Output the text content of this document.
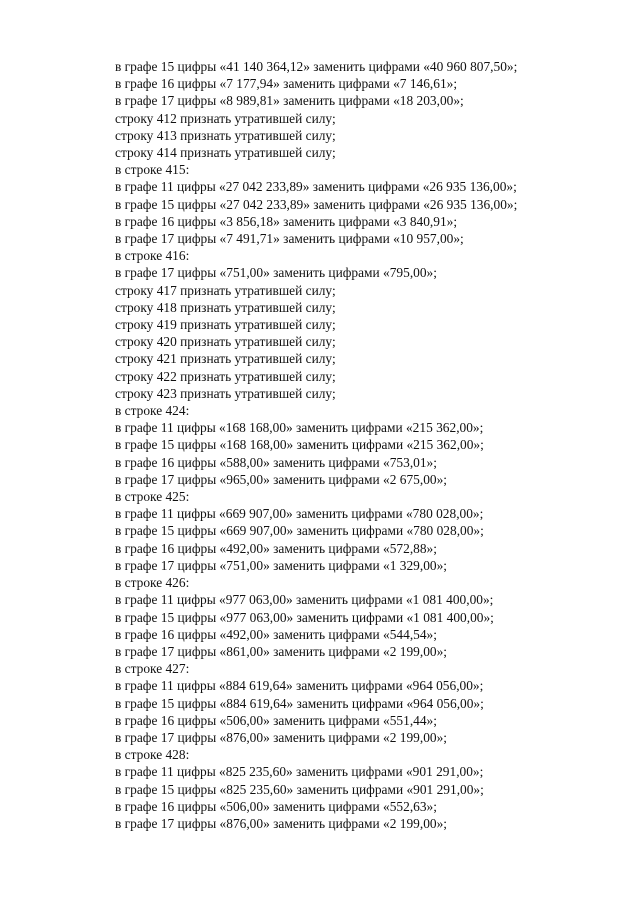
в графе 15 цифры «41 140 364,12» заменить цифрами «40 960 807,50»;
в графе 16 цифры «7 177,94» заменить цифрами «7 146,61»;
в графе 17 цифры «8 989,81» заменить цифрами «18 203,00»;
строку 412 признать утратившей силу;
строку 413 признать утратившей силу;
строку 414 признать утратившей силу;
в строке 415:
в графе 11 цифры «27 042 233,89» заменить цифрами «26 935 136,00»;
в графе 15 цифры «27 042 233,89» заменить цифрами «26 935 136,00»;
в графе 16 цифры «3 856,18» заменить цифрами «3 840,91»;
в графе 17 цифры «7 491,71» заменить цифрами «10 957,00»;
в строке 416:
в графе 17 цифры «751,00» заменить цифрами «795,00»;
строку 417 признать утратившей силу;
строку 418 признать утратившей силу;
строку 419 признать утратившей силу;
строку 420 признать утратившей силу;
строку 421 признать утратившей силу;
строку 422 признать утратившей силу;
строку 423 признать утратившей силу;
в строке 424:
в графе 11 цифры «168 168,00» заменить цифрами «215 362,00»;
в графе 15 цифры «168 168,00» заменить цифрами «215 362,00»;
в графе 16 цифры «588,00» заменить цифрами «753,01»;
в графе 17 цифры «965,00» заменить цифрами «2 675,00»;
в строке 425:
в графе 11 цифры «669 907,00» заменить цифрами «780 028,00»;
в графе 15 цифры «669 907,00» заменить цифрами «780 028,00»;
в графе 16 цифры «492,00» заменить цифрами «572,88»;
в графе 17 цифры «751,00» заменить цифрами «1 329,00»;
в строке 426:
в графе 11 цифры «977 063,00» заменить цифрами «1 081 400,00»;
в графе 15 цифры «977 063,00» заменить цифрами «1 081 400,00»;
в графе 16 цифры «492,00» заменить цифрами «544,54»;
в графе 17 цифры «861,00» заменить цифрами «2 199,00»;
в строке 427:
в графе 11 цифры «884 619,64» заменить цифрами «964 056,00»;
в графе 15 цифры «884 619,64» заменить цифрами «964 056,00»;
в графе 16 цифры «506,00» заменить цифрами «551,44»;
в графе 17 цифры «876,00» заменить цифрами «2 199,00»;
в строке 428:
в графе 11 цифры «825 235,60» заменить цифрами «901 291,00»;
в графе 15 цифры «825 235,60» заменить цифрами «901 291,00»;
в графе 16 цифры «506,00» заменить цифрами «552,63»;
в графе 17 цифры «876,00» заменить цифрами «2 199,00»;
